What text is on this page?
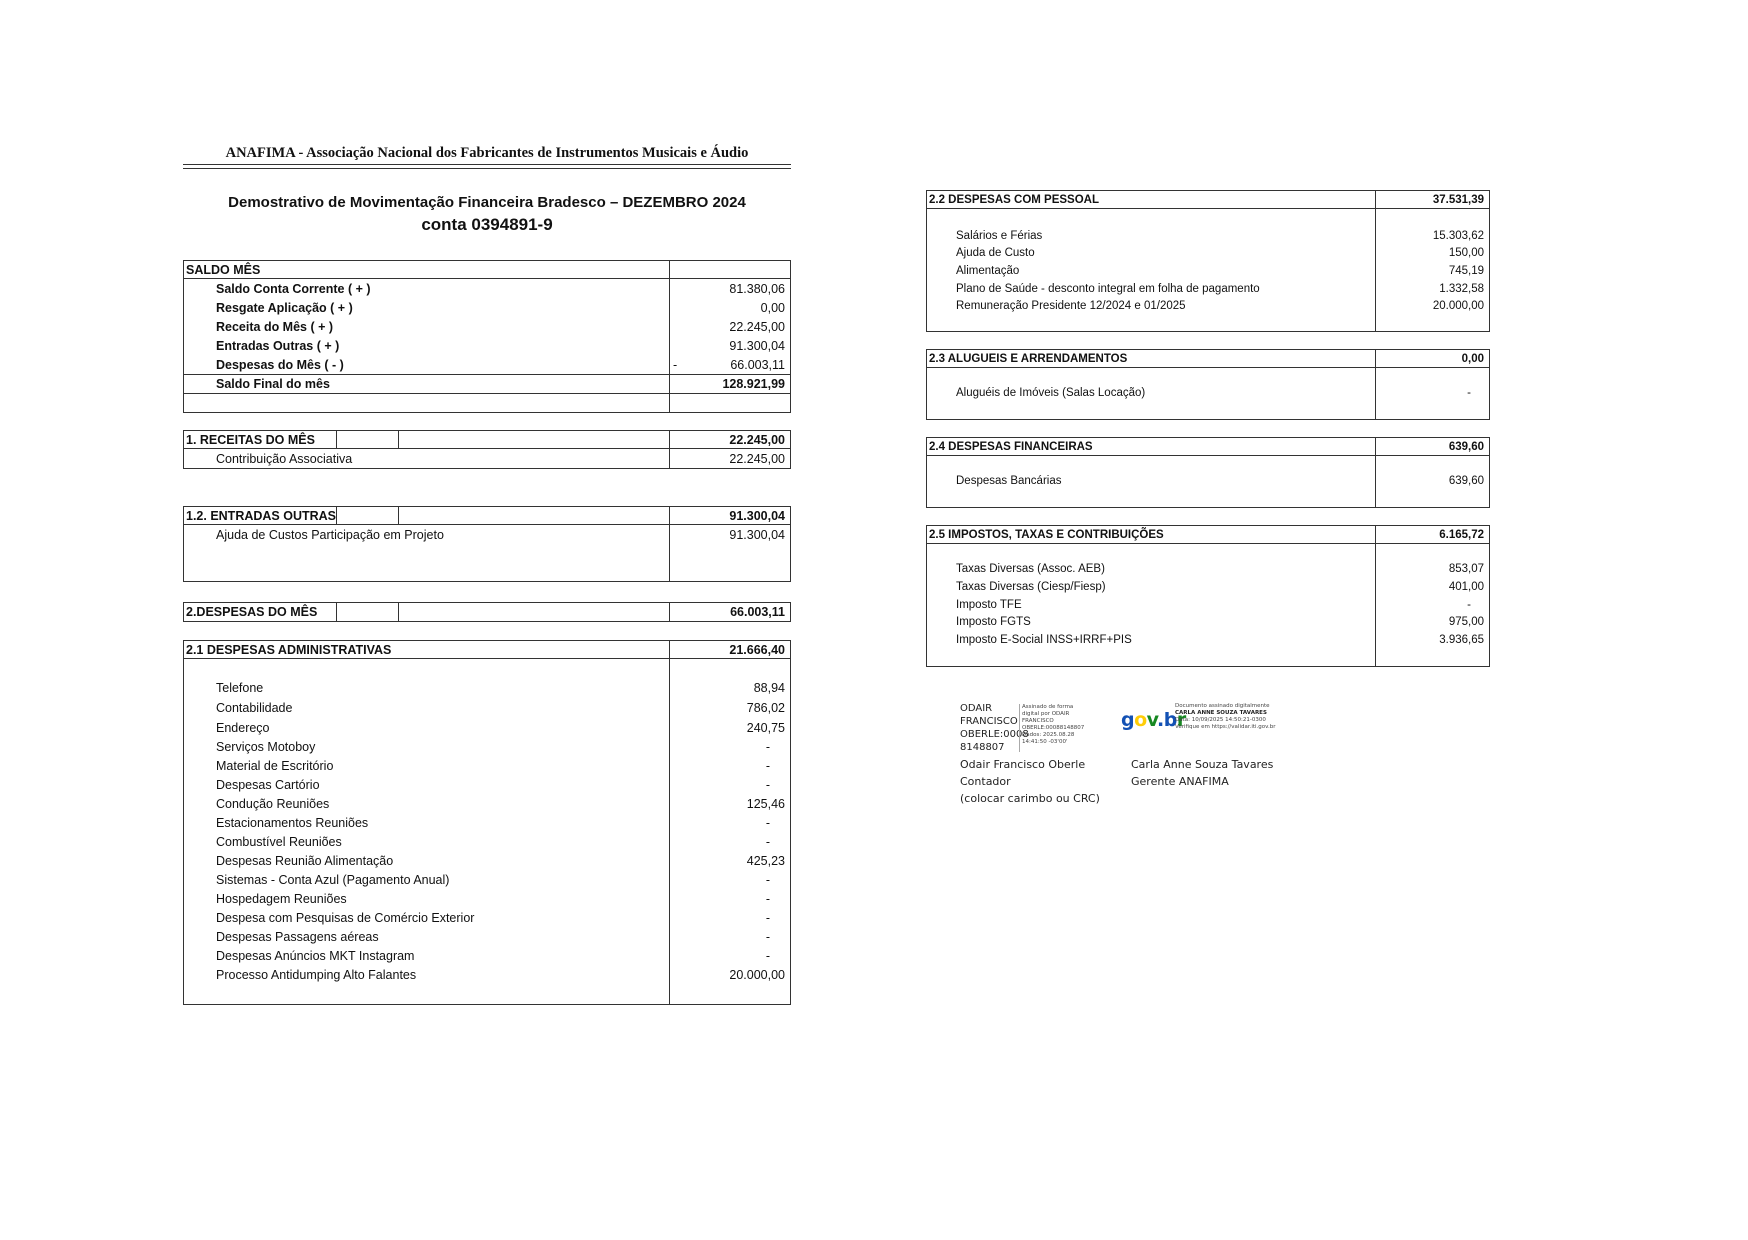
ANAFIMA - Associação Nacional dos Fabricantes de Instrumentos Musicais e Áudio
Demostrativo de Movimentação Financeira Bradesco – DEZEMBRO 2024
conta 0394891-9
SALDO MÊS
Saldo Conta Corrente ( + )	81.380,06
Resgate Aplicação ( + )	0,00
Receita do Mês ( + )	22.245,00
Entradas Outras ( + )	91.300,04
Despesas do Mês ( - )	-	66.003,11
Saldo Final do mês	128.921,99
1. RECEITAS DO MÊS	22.245,00
Contribuição Associativa	22.245,00
1.2. ENTRADAS OUTRAS	91.300,04
Ajuda de Custos Participação em Projeto	91.300,04
2.DESPESAS DO MÊS	66.003,11
2.1 DESPESAS ADMINISTRATIVAS	21.666,40
Telefone	88,94
Contabilidade	786,02
Endereço	240,75
Serviços Motoboy	-
Material de Escritório	-
Despesas Cartório	-
Condução Reuniões	125,46
Estacionamentos Reuniões	-
Combustível Reuniões	-
Despesas Reunião Alimentação	425,23
Sistemas - Conta Azul (Pagamento Anual)	-
Hospedagem Reuniões	-
Despesa com Pesquisas de Comércio Exterior	-
Despesas Passagens aéreas	-
Despesas Anúncios MKT Instagram	-
Processo Antidumping Alto Falantes	20.000,00
2.2 DESPESAS COM PESSOAL	37.531,39
Salários e Férias	15.303,62
Ajuda de Custo	150,00
Alimentação	745,19
Plano de Saúde - desconto integral em folha de pagamento	1.332,58
Remuneração Presidente 12/2024 e 01/2025	20.000,00
2.3 ALUGUEIS E ARRENDAMENTOS	0,00
Aluguéis de Imóveis (Salas Locação)	-
2.4 DESPESAS FINANCEIRAS	639,60
Despesas Bancárias	639,60
2.5 IMPOSTOS, TAXAS E CONTRIBUIÇÕES	6.165,72
Taxas Diversas (Assoc. AEB)	853,07
Taxas Diversas (Ciesp/Fiesp)	401,00
Imposto TFE	-
Imposto FGTS	975,00
Imposto E-Social INSS+IRRF+PIS	3.936,65
ODAIR
FRANCISCO
OBERLE:0008
8148807
Assinado de forma
digital por ODAIR
FRANCISCO
OBERLE:00088148807
Dados: 2025.08.28
14:41:50 -03'00'
gov.br
Documento assinado digitalmente
CARLA ANNE SOUZA TAVARES
Data: 10/09/2025 14:50:21-0300
Verifique em https://validar.iti.gov.br
Odair Francisco Oberle
Contador
(colocar carimbo ou CRC)
Carla Anne Souza Tavares
Gerente ANAFIMA
